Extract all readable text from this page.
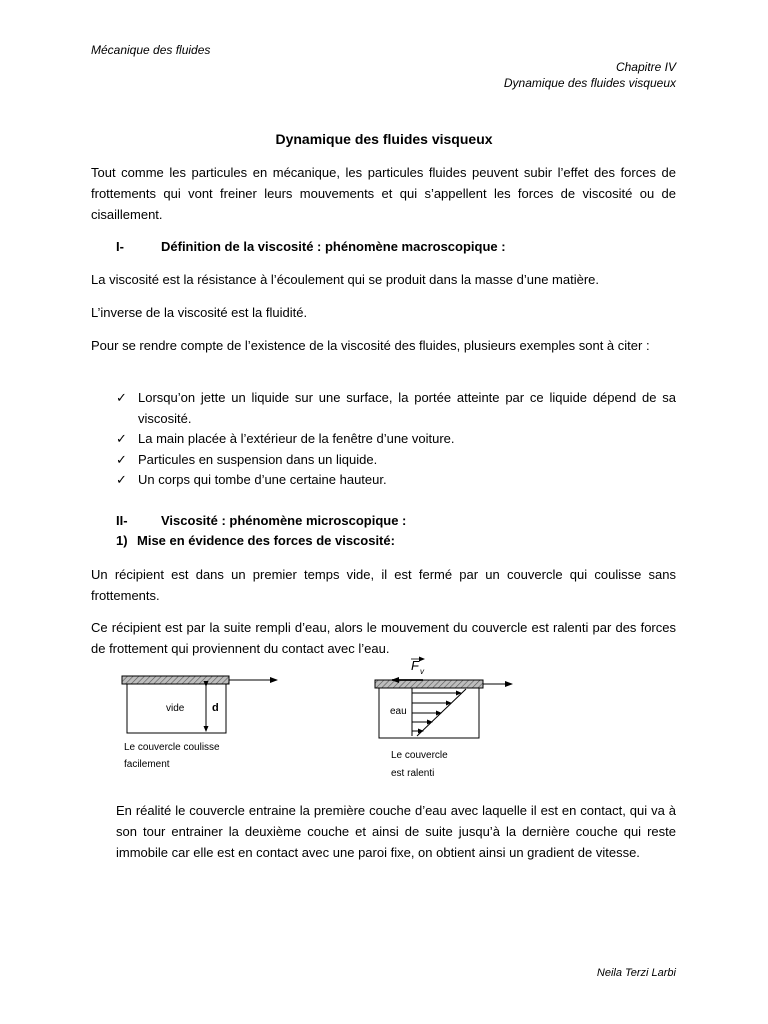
Mécanique des fluides
Chapitre IV
Dynamique des fluides visqueux
Dynamique des fluides visqueux
Tout comme les particules en mécanique, les particules fluides peuvent subir l’effet des forces de frottements qui vont freiner leurs mouvements et qui s’appellent les forces de viscosité ou de cisaillement.
I-	Définition de la viscosité : phénomène macroscopique :
La viscosité est la résistance à l’écoulement qui se produit dans la masse d’une matière.
L’inverse de la viscosité est la fluidité.
Pour se rendre compte de l’existence de la viscosité des fluides, plusieurs exemples sont à citer :
✓ Lorsqu’on jette un liquide sur une surface, la portée atteinte par ce liquide dépend de sa viscosité.
✓ La main placée à l’extérieur de la fenêtre d’une voiture.
✓ Particules en suspension dans un liquide.
✓ Un corps qui tombe d’une certaine hauteur.
II-	Viscosité : phénomène microscopique :
1) Mise en évidence des forces de viscosité:
Un récipient est dans un premier temps vide, il est fermé par un couvercle qui coulisse sans frottements.
Ce récipient est par la suite rempli d’eau, alors le mouvement du couvercle est ralenti par des forces de frottement qui proviennent du contact avec l’eau.
vide	d
F v
eau
Le couvercle coulisse
facilement
Le couvercle
est ralenti
En réalité le couvercle entraine la première couche d’eau avec laquelle il est en contact, qui va à son tour entrainer la deuxième couche et ainsi de suite jusqu’à la dernière couche qui reste immobile car elle est en contact avec une paroi fixe, on obtient ainsi un gradient de vitesse.
Neila Terzi Larbi
